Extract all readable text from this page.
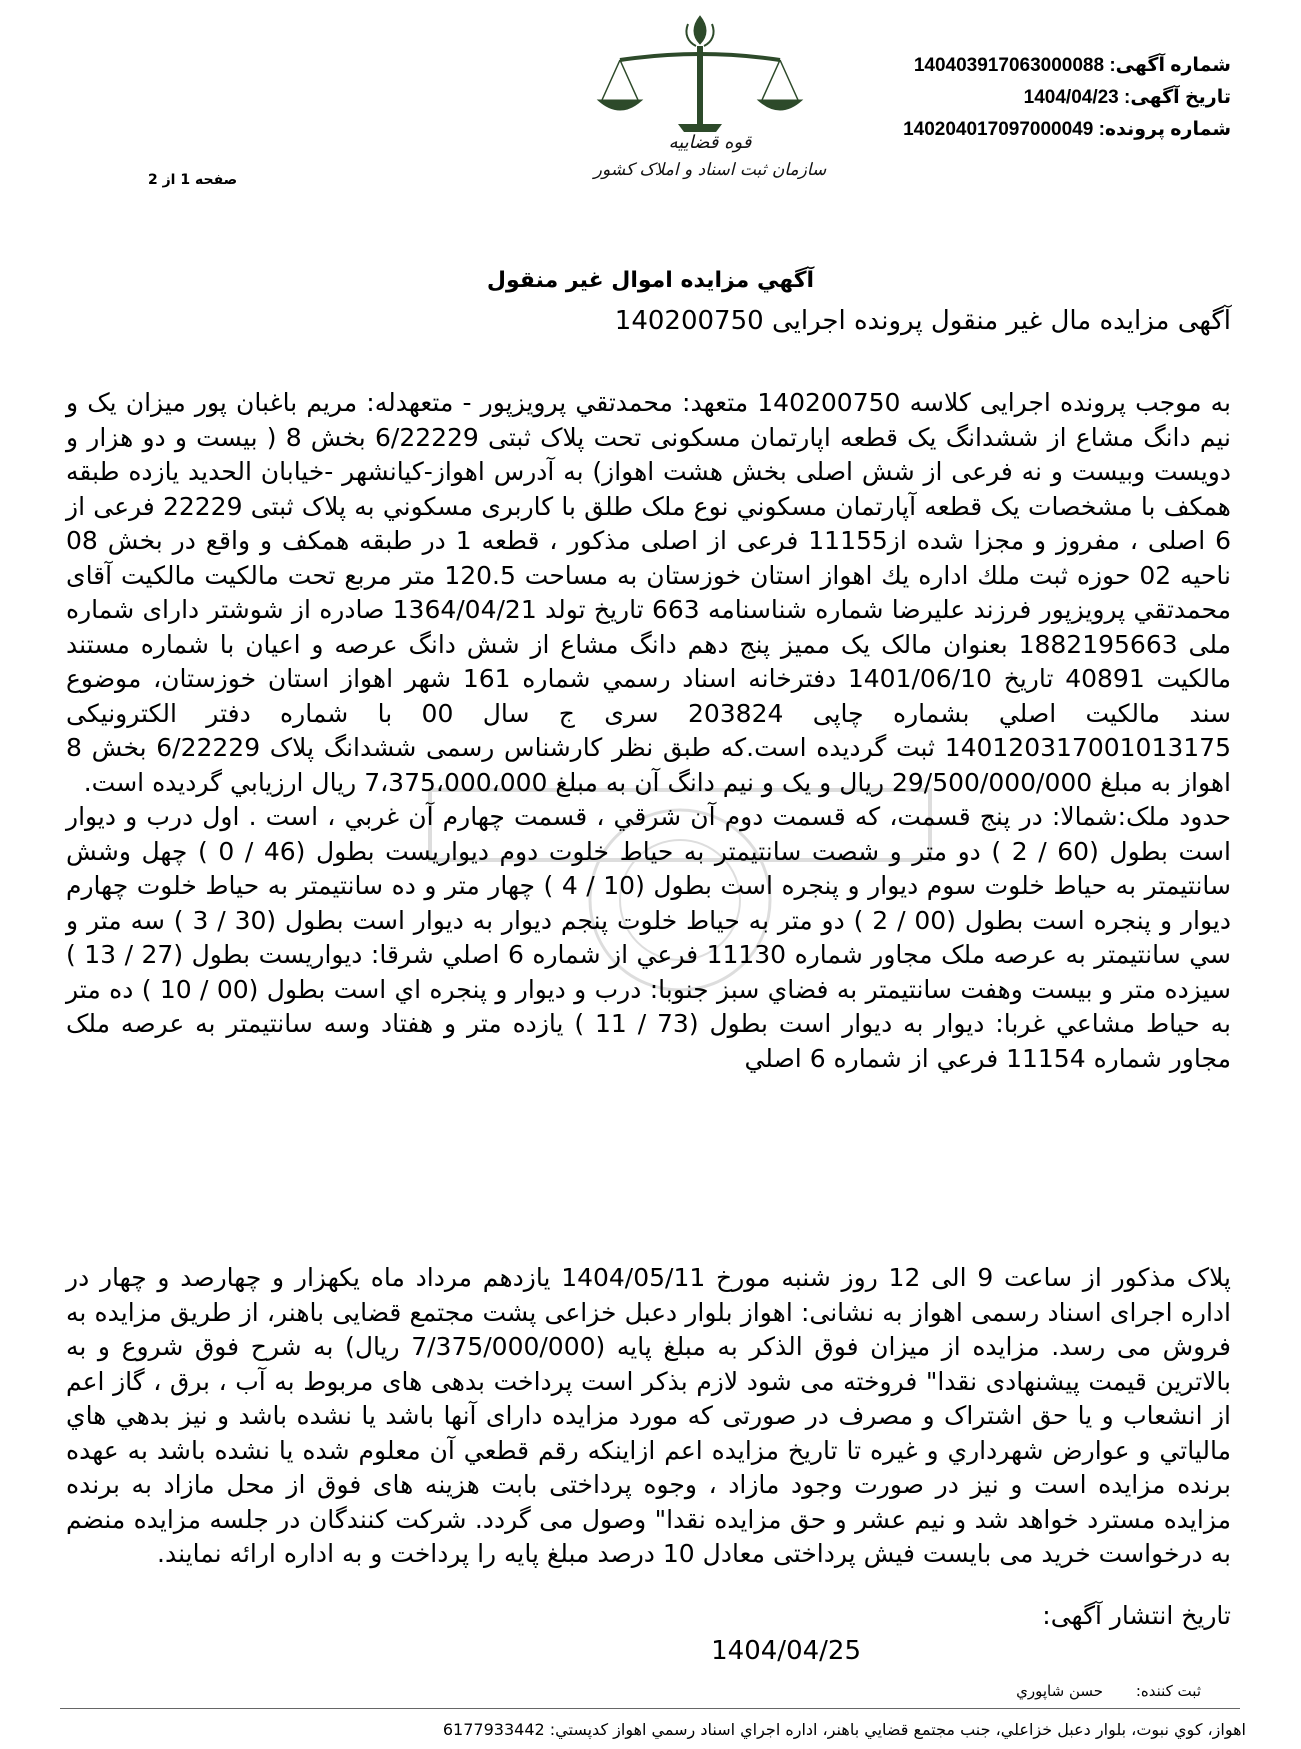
شماره آگهی: 140403917063000088
تاریخ آگهی: 1404/04/23
شماره پرونده: 140204017097000049
قوه قضاییه
سازمان ثبت اسناد و املاک کشور
صفحه 1 از 2
آگهي مزايده اموال غير منقول
آگهی مزایده مال غیر منقول پرونده اجرایی 140200750

به موجب پرونده اجرایی کلاسه 140200750 متعهد: محمدتقي پرويزپور - متعهدله: مریم باغبان پور میزان یک و نیم دانگ مشاع از ششدانگ یک قطعه اپارتمان مسکونی تحت پلاک ثبتی 6/22229 بخش 8 ( بیست و دو هزار و دویست وبیست و نه فرعی از شش اصلی بخش هشت اهواز) به آدرس اهواز-کیانشهر -خیابان الحدید یازده طبقه همکف با مشخصات یک قطعه آپارتمان مسكوني نوع ملک طلق با کاربری مسكوني به پلاک ثبتی 22229 فرعی از 6 اصلی ، مفروز و مجزا شده از11155 فرعی از اصلی مذکور ، قطعه 1 در طبقه همکف و واقع در بخش 08 ناحيه 02 حوزه ثبت ملك اداره يك اهواز استان خوزستان به مساحت 120.5 متر مربع تحت مالکیت مالکیت آقای محمدتقي پرويزپور فرزند علیرضا شماره شناسنامه 663 تاریخ تولد 1364/04/21 صادره از شوشتر دارای شماره ملی 1882195663 بعنوان مالک یک ممیز پنج دهم دانگ مشاع از شش دانگ عرصه و اعیان با شماره مستند مالکیت 40891 تاریخ 1401/06/10 دفترخانه اسناد رسمي شماره 161 شهر اهواز استان خوزستان، موضوع سند مالکيت اصلي بشماره چاپی 203824 سری ج سال 00 با شماره دفتر الکترونیکی 140120317001013175 ثبت گردیده است.که طبق نظر کارشناس رسمی ششدانگ پلاک 6/22229 بخش 8 اهواز به مبلغ 29/500/000/000 ریال و یک و نیم دانگ آن به مبلغ 7،375،000،000 ريال ارزيابي گرديده است.

حدود ملک:شمالا: در پنج قسمت، که قسمت دوم آن شرقي ، قسمت چهارم آن غربي ، است . اول درب و ديوار است بطول (60 / 2 ) دو متر و شصت سانتيمتر به حياط خلوت دوم ديواريست بطول (46 / 0 ) چهل وشش سانتيمتر به حياط خلوت سوم ديوار و پنجره است بطول (10 / 4 ) چهار متر و ده سانتيمتر به حياط خلوت چهارم ديوار و پنجره است بطول (00 / 2 ) دو متر به حياط خلوت پنجم ديوار به ديوار است بطول (30 / 3 ) سه متر و سي سانتيمتر به عرصه ملک مجاور شماره 11130 فرعي از شماره 6 اصلي شرقا: ديواريست بطول (27 / 13 ) سيزده متر و بيست وهفت سانتيمتر به فضاي سبز جنوبا: درب و ديوار و پنجره اي است بطول (00 / 10 ) ده متر به حياط مشاعي غربا: ديوار به ديوار است بطول (73 / 11 ) يازده متر و هفتاد وسه سانتيمتر به عرصه ملک مجاور شماره 11154 فرعي از شماره 6 اصلي

پلاک مذکور از ساعت 9 الی 12 روز شنبه مورخ 1404/05/11 یازدهم مرداد ماه یکهزار و چهارصد و چهار در اداره اجرای اسناد رسمی اهواز به نشانی: اهواز بلوار دعبل خزاعی پشت مجتمع قضایی باهنر، از طریق مزایده به فروش می رسد. مزایده از میزان فوق الذکر به مبلغ پایه (7/375/000/000 ریال) به شرح فوق شروع و به بالاترین قیمت پیشنهادی نقدا" فروخته می شود لازم بذکر است پرداخت بدهی های مربوط به آب ، برق ، گاز اعم از انشعاب و یا حق اشتراک و مصرف در صورتی که مورد مزایده دارای آنها باشد یا نشده باشد و نیز بدهي هاي مالياتي و عوارض شهرداري و غيره تا تاريخ مزايده اعم ازاينكه رقم قطعي آن معلوم شده يا نشده باشد به عهده برنده مزايده است و نيز در صورت وجود مازاد ، وجوه پرداختی بابت هزینه های فوق از محل مازاد به برنده مزایده مسترد خواهد شد و نیم عشر و حق مزایده نقدا" وصول می گردد. شرکت کنندگان در جلسه مزایده منضم به درخواست خرید می بایست فیش پرداختی معادل 10 درصد مبلغ پایه را پرداخت و به اداره ارائه نمایند.

تاریخ انتشار آگهی:
1404/04/25
ثبت کننده: حسن شاپوري
اهواز، كوي نبوت، بلوار دعبل خزاعلي، جنب مجتمع قضايي باهنر، اداره اجراي اسناد رسمي اهواز كدپستي: 6177933442
